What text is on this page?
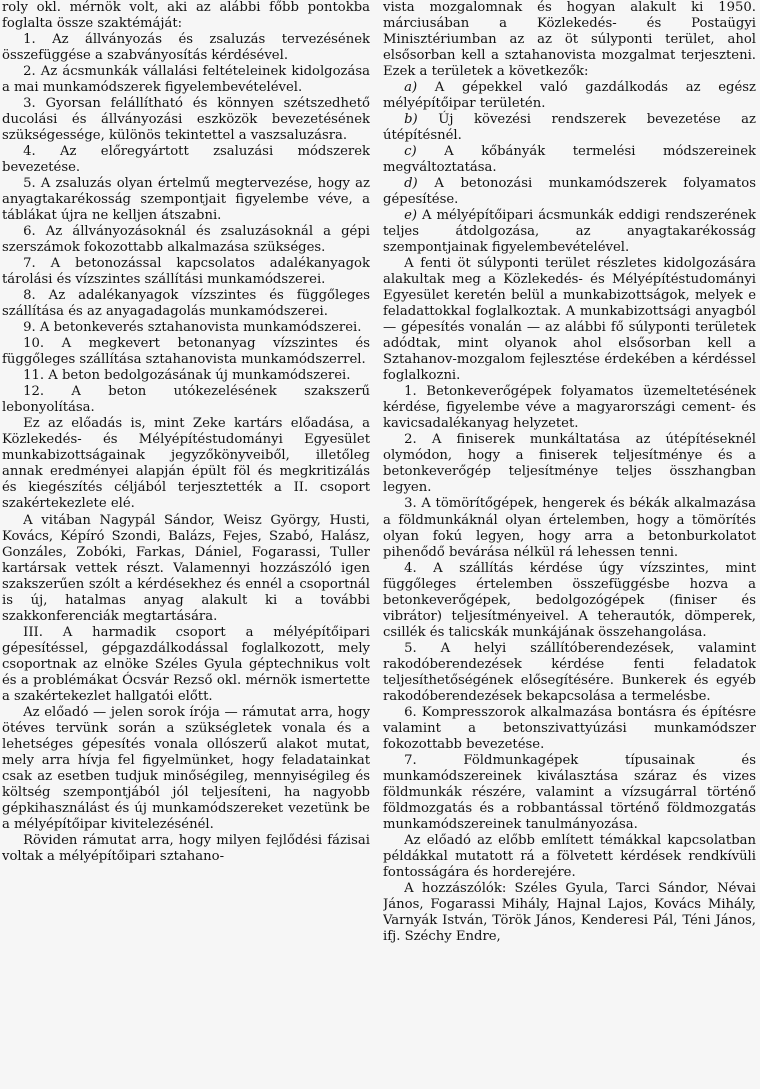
roly okl. mérnök volt, aki az alábbi főbb pontokba foglalta össze szaktémáját:

1. Az állványozás és zsaluzás tervezésének összefüggése a szabványosítás kérdésével.

2. Az ácsmunkák vállalási feltételeinek kidolgozása a mai munkamódszerek figyelembevételével.

3. Gyorsan felállítható és könnyen szétszedhető ducolási és állványozási eszközök bevezetésének szükségessége, különös tekintettel a vaszsaluzásra.

4. Az előregyártott zsaluzási módszerek bevezetése.

5. A zsaluzás olyan értelmű megtervezése, hogy az anyagtakarékosság szempontjait figyelembe véve, a táblákat újra ne kelljen átszabni.

6. Az állványozásoknál és zsaluzásoknál a gépi szerszámok fokozottabb alkalmazása szükséges.

7. A betonozással kapcsolatos adalékanyagok tárolási és vízszintes szállítási munkamódszerei.

8. Az adalékanyagok vízszintes és függőleges szállítása és az anyagadagolás munkamódszerei.

9. A betonkeverés sztahanovista munkamódszerei.

10. A megkevert betonanyag vízszintes és függőleges szállítása sztahanovista munkamódszerrel.

11. A beton bedolgozásának új munkamódszerei.

12. A beton utókezelésének szakszerű lebonyolítása.

Ez az előadás is, mint Zeke kartárs előadása, a Közlekedés- és Mélyépítéstudományi Egyesület munkabizottságainak jegyzőkönyveiből, illetőleg annak eredményei alapján épült föl és megkritizálás és kiegészítés céljából terjesztették a II. csoport szakértekezlete elé.

A vitában Nagypál Sándor, Weisz György, Husti, Kovács, Képíró Szondi, Balázs, Fejes, Szabó, Halász, Gonzáles, Zobóki, Farkas, Dániel, Fogarassi, Tuller kartársak vettek részt. Valamennyi hozzászóló igen szakszerűen szólt a kérdésekhez és ennél a csoportnál is új, hatalmas anyag alakult ki a további szakkonferenciák megtartására.

III. A harmadik csoport a mélyépítőipari gépesítéssel, gépgazdálkodással foglalkozott, mely csoportnak az elnöke Széles Gyula géptechnikus volt és a problémákat Ócsvár Rezső okl. mérnök ismertette a szakértekezlet hallgatói előtt.

Az előadó — jelen sorok írója — rámutat arra, hogy ötéves tervünk során a szükségletek vonala és a lehetséges gépesítés vonala ollószerű alakot mutat, mely arra hívja fel figyelmünket, hogy feladatainkat csak az esetben tudjuk minőségileg, mennyiségileg és költség szempontjából jól teljesíteni, ha nagyobb gépkihasználást és új munkamódszereket vezetünk be a mélyépítőipar kivitelezésénél.

Röviden rámutat arra, hogy milyen fejlődési fázisai voltak a mélyépítőipari sztahano-

vista mozgalomnak és hogyan alakult ki 1950. márciusában a Közlekedés- és Postaügyi Minisztériumban az az öt súlyponti terület, ahol elsősorban kell a sztahanovista mozgalmat terjeszteni. Ezek a területek a következők:

a) A gépekkel való gazdálkodás az egész mélyépítőipar területén.

b) Új kövezési rendszerek bevezetése az útépítésnél.

c) A kőbányák termelési módszereinek megváltoztatása.

d) A betonozási munkamódszerek folyamatos gépesítése.

e) A mélyépítőipari ácsmunkák eddigi rendszerének teljes átdolgozása, az anyagtakarékosság szempontjainak figyelembevételével.

A fenti öt súlyponti terület részletes kidolgozására alakultak meg a Közlekedés- és Mélyépítéstudományi Egyesület keretén belül a munkabizottságok, melyek e feladattokkal foglalkoztak. A munkabizottsági anyagból — gépesítés vonalán — az alábbi fő súlyponti területek adódtak, mint olyanok ahol elsősorban kell a Sztahanov-mozgalom fejlesztése érdekében a kérdéssel foglalkozni.

1. Betonkeverőgépek folyamatos üzemeltetésének kérdése, figyelembe véve a magyarországi cement- és kavicsadalékanyag helyzetet.

2. A finiserek munkáltatása az útépítéseknél olymódon, hogy a finiserek teljesítménye és a betonkeverőgép teljesítménye teljes összhangban legyen.

3. A tömörítőgépek, hengerek és békák alkalmazása a földmunkáknál olyan értelemben, hogy a tömörítés olyan fokú legyen, hogy arra a betonburkolatot pihenődő bevárása nélkül rá lehessen tenni.

4. A szállítás kérdése úgy vízszintes, mint függőleges értelemben összefüggésbe hozva a betonkeverőgépek, bedolgozógépek (finiser és vibrátor) teljesítményeivel. A teherautók, dömperek, csillék és talicskák munkájának összehangolása.

5. A helyi szállítóberendezések, valamint rakodóberendezések kérdése fenti feladatok teljesíthetőségének elősegítésére. Bunkerek és egyéb rakodóberendezések bekapcsolása a termelésbe.

6. Kompresszorok alkalmazása bontásra és építésre valamint a betonszivattyúzási munkamódszer fokozottabb bevezetése.

7. Földmunkagépek típusainak és munkamódszereinek kiválasztása száraz és vizes földmunkák részére, valamint a vízsugárral történő földmozgatás és a robbantással történő földmozgatás munkamódszereinek tanulmányozása.

Az előadó az előbb említett témákkal kapcsolatban példákkal mutatott rá a fölvetett kérdések rendkívüli fontosságára és horderejére.

A hozzászólók: Széles Gyula, Tarci Sándor, Névai János, Fogarassi Mihály, Hajnal Lajos, Kovács Mihály, Varnyák István, Török János, Kenderesi Pál, Téni János, ifj. Széchy Endre,
